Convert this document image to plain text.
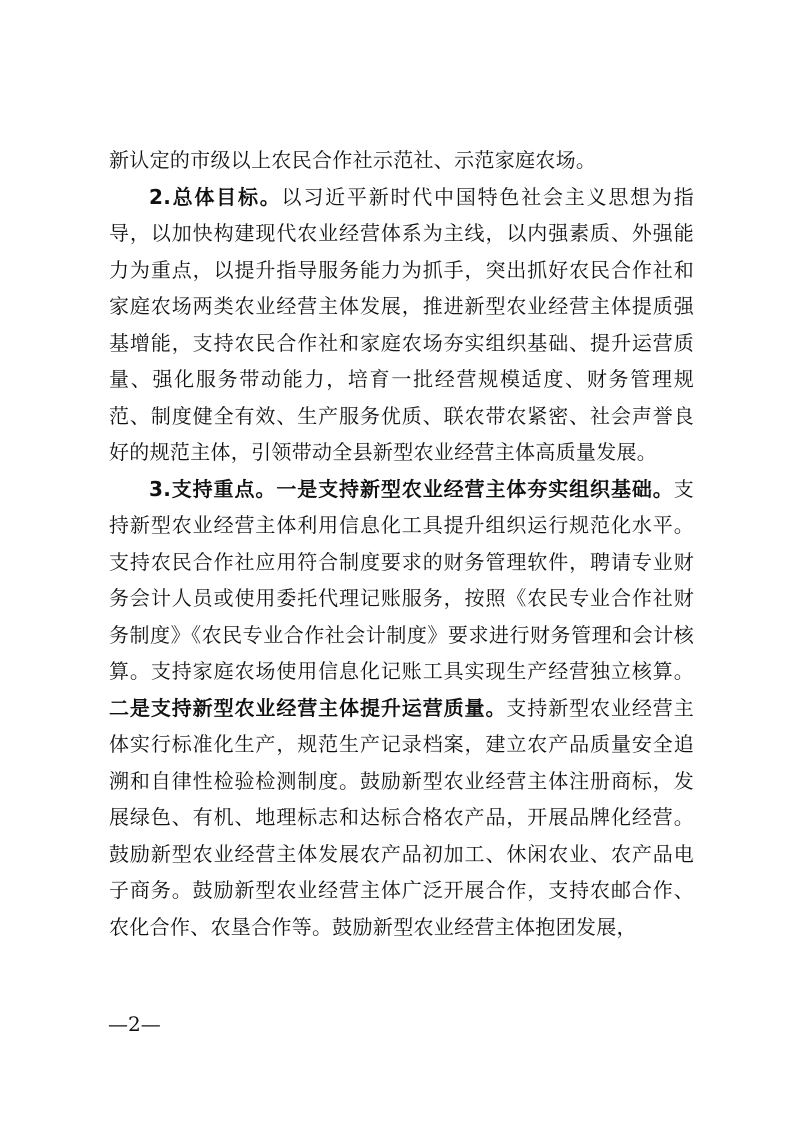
新认定的市级以上农民合作社示范社、示范家庭农场。

2.总体目标。以习近平新时代中国特色社会主义思想为指导，以加快构建现代农业经营体系为主线，以内强素质、外强能力为重点，以提升指导服务能力为抓手，突出抓好农民合作社和家庭农场两类农业经营主体发展，推进新型农业经营主体提质强基增能，支持农民合作社和家庭农场夯实组织基础、提升运营质量、强化服务带动能力，培育一批经营规模适度、财务管理规范、制度健全有效、生产服务优质、联农带农紧密、社会声誉良好的规范主体，引领带动全县新型农业经营主体高质量发展。

3.支持重点。一是支持新型农业经营主体夯实组织基础。支持新型农业经营主体利用信息化工具提升组织运行规范化水平。支持农民合作社应用符合制度要求的财务管理软件，聘请专业财务会计人员或使用委托代理记账服务，按照《农民专业合作社财务制度》《农民专业合作社会计制度》要求进行财务管理和会计核算。支持家庭农场使用信息化记账工具实现生产经营独立核算。二是支持新型农业经营主体提升运营质量。支持新型农业经营主体实行标准化生产，规范生产记录档案，建立农产品质量安全追溯和自律性检验检测制度。鼓励新型农业经营主体注册商标，发展绿色、有机、地理标志和达标合格农产品，开展品牌化经营。鼓励新型农业经营主体发展农产品初加工、休闲农业、农产品电子商务。鼓励新型农业经营主体广泛开展合作，支持农邮合作、农化合作、农垦合作等。鼓励新型农业经营主体抱团发展，

—2—
